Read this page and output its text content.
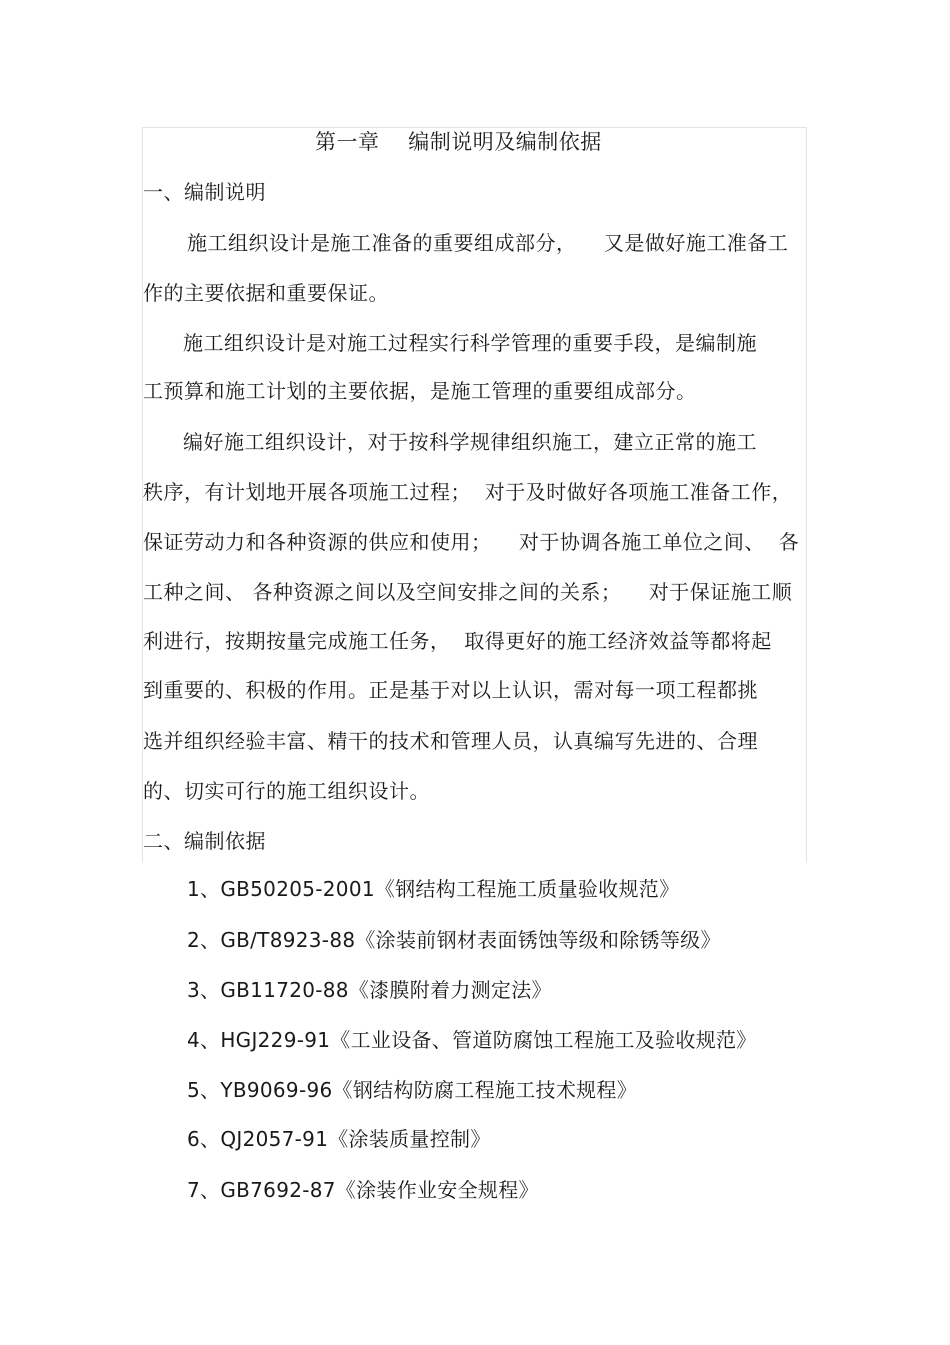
第一章    编制说明及编制依据
一、编制说明
施工组织设计是施工准备的重要组成部分，    又是做好施工准备工
作的主要依据和重要保证。
施工组织设计是对施工过程实行科学管理的重要手段，是编制施
工预算和施工计划的主要依据，是施工管理的重要组成部分。
编好施工组织设计，对于按科学规律组织施工，建立正常的施工
秩序，有计划地开展各项施工过程；  对于及时做好各项施工准备工作，
保证劳动力和各种资源的供应和使用；    对于协调各施工单位之间、  各
工种之间、 各种资源之间以及空间安排之间的关系；    对于保证施工顺
利进行，按期按量完成施工任务，  取得更好的施工经济效益等都将起
到重要的、积极的作用。正是基于对以上认识，需对每一项工程都挑
选并组织经验丰富、精干的技术和管理人员，认真编写先进的、合理
的、切实可行的施工组织设计。
二、编制依据
1、GB50205-2001《钢结构工程施工质量验收规范》
2、GB/T8923-88《涂装前钢材表面锈蚀等级和除锈等级》
3、GB11720-88《漆膜附着力测定法》
4、HGJ229-91《工业设备、管道防腐蚀工程施工及验收规范》
5、YB9069-96《钢结构防腐工程施工技术规程》
6、QJ2057-91《涂装质量控制》
7、GB7692-87《涂装作业安全规程》
